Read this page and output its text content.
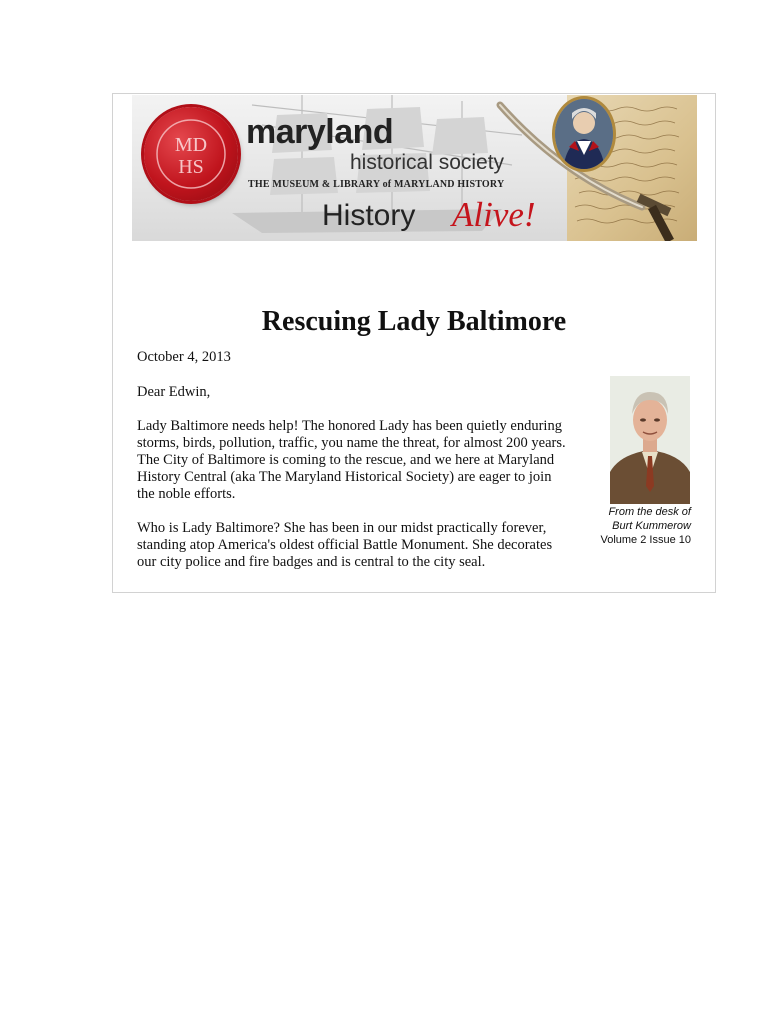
MD
HS
maryland
historical society
THE MUSEUM & LIBRARY of MARYLAND HISTORY
History Alive!
Rescuing Lady Baltimore
October 4, 2013
Dear Edwin,
Lady Baltimore needs help! The honored Lady has been quietly enduring storms, birds, pollution, traffic, you name the threat, for almost 200 years. The City of Baltimore is coming to the rescue, and we here at Maryland History Central (aka The Maryland Historical Society) are eager to join the noble efforts.
Who is Lady Baltimore? She has been in our midst practically forever, standing atop America's oldest official Battle Monument. She decorates our city police and fire badges and is central to the city seal.
From the desk of
Burt Kummerow
Volume 2 Issue 10
